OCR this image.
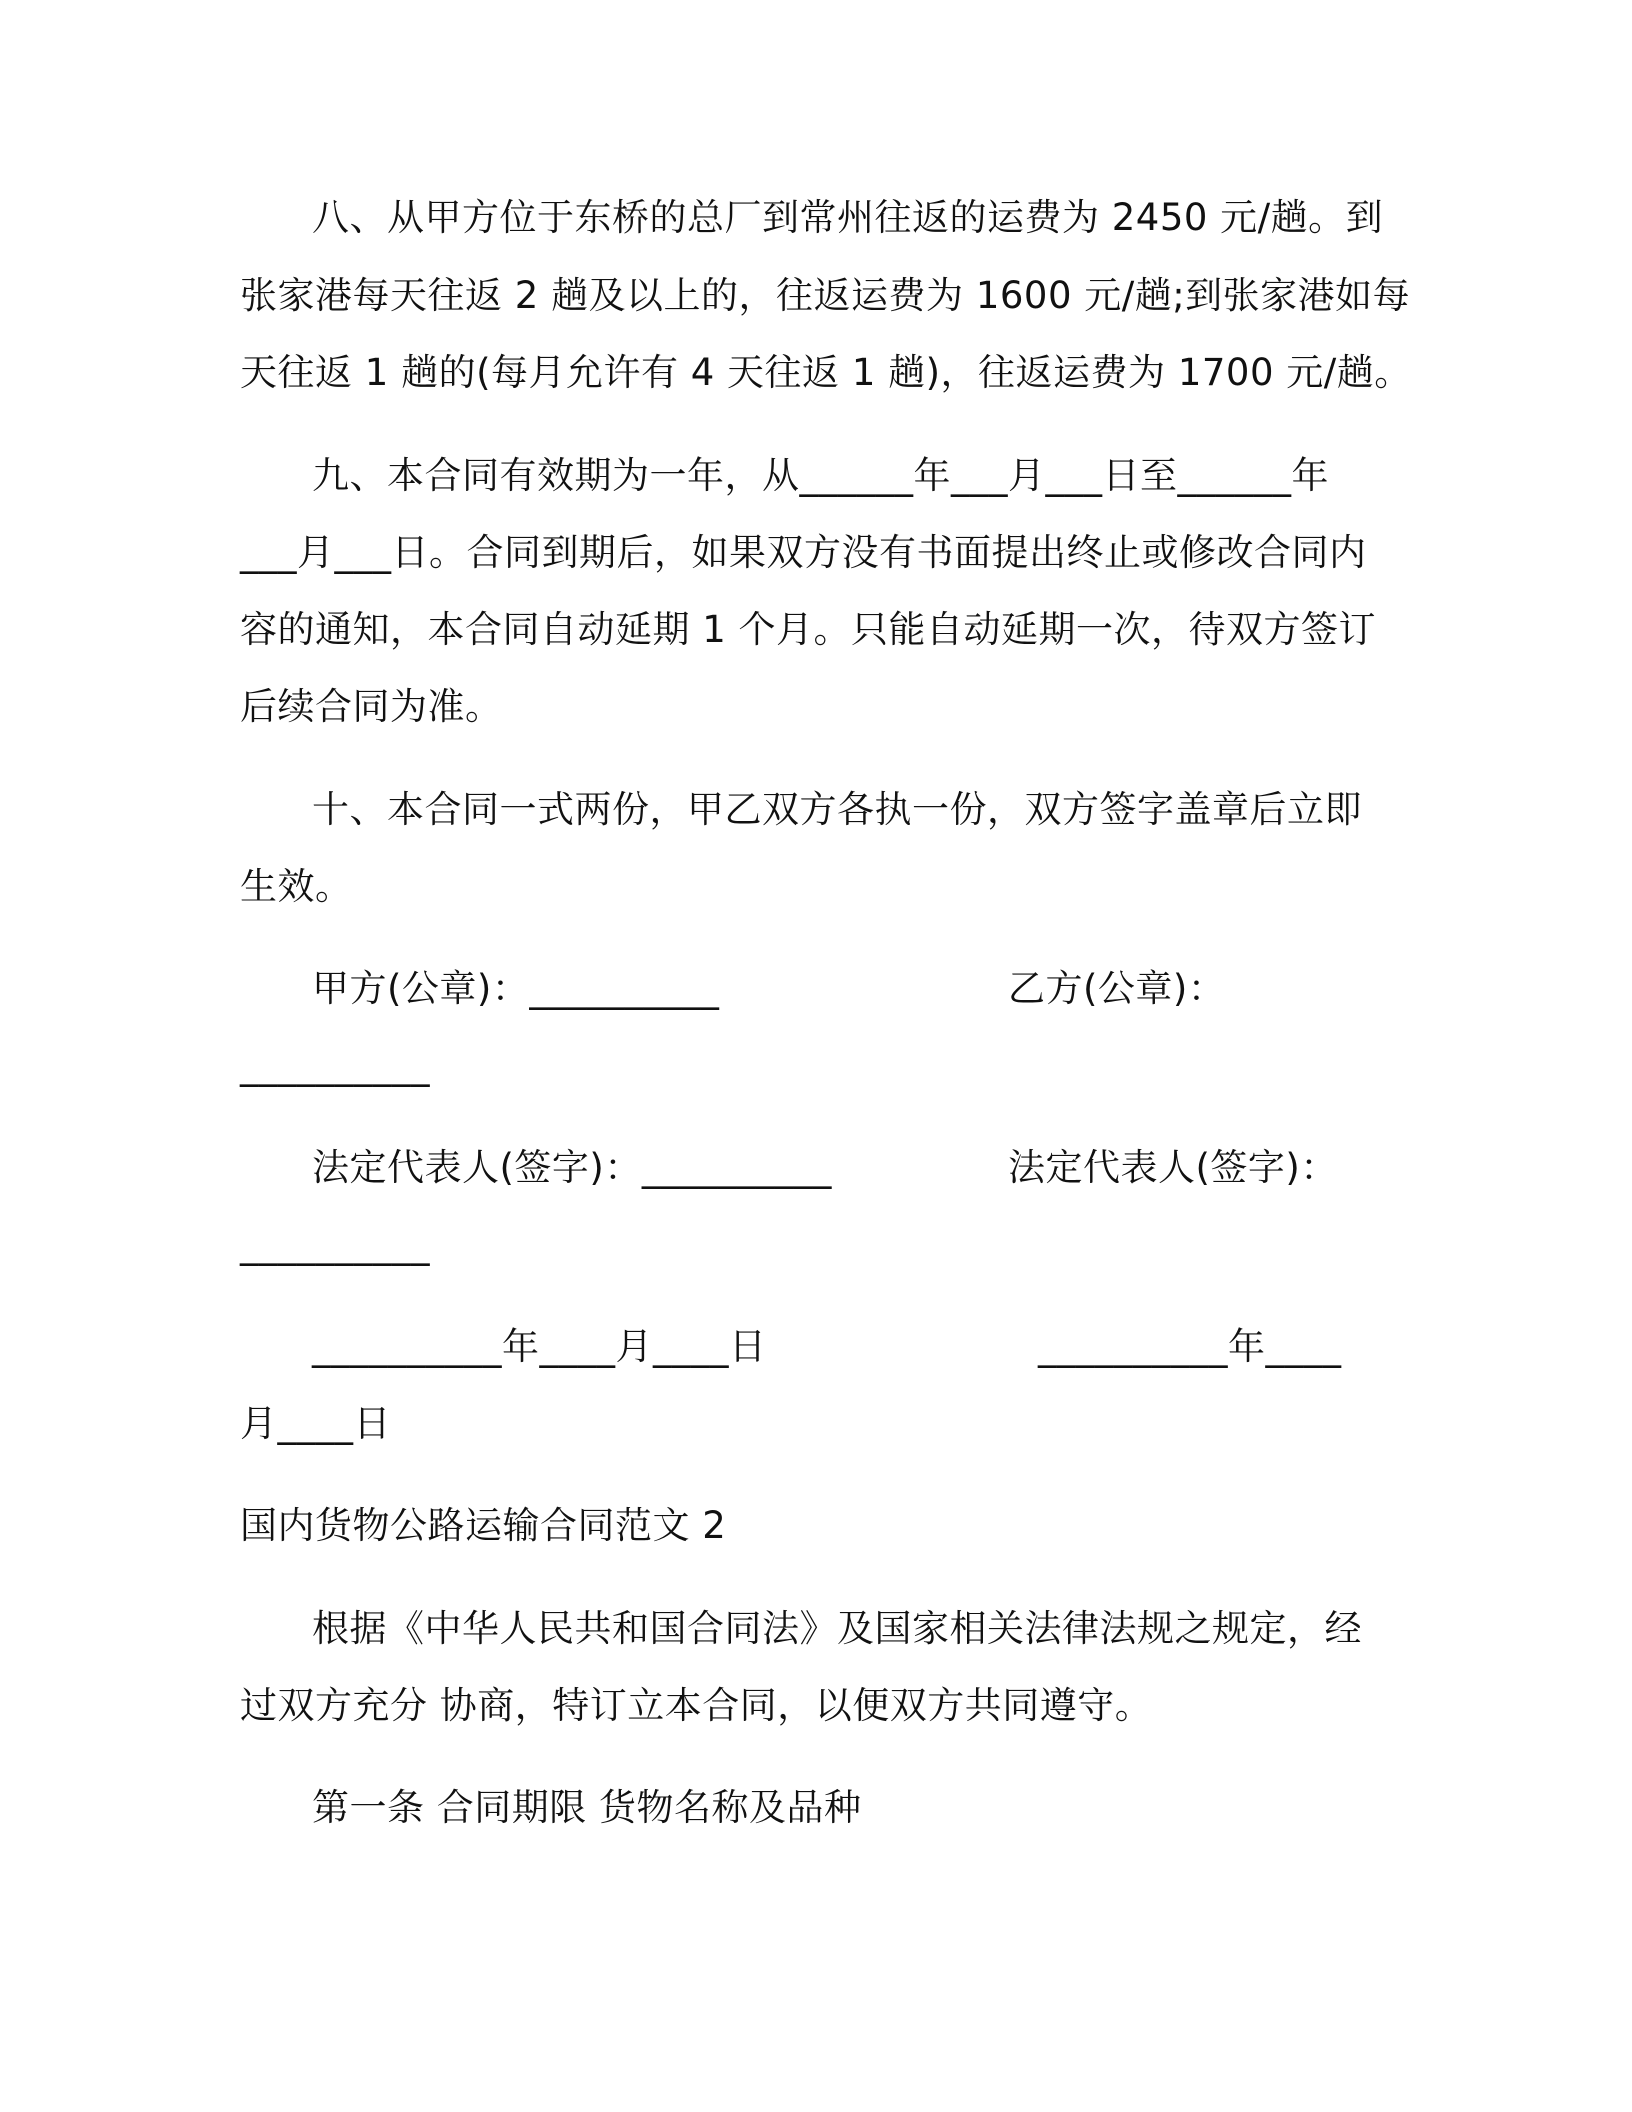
八、从甲方位于东桥的总厂到常州往返的运费为 2450 元/趟。到
张家港每天往返 2 趟及以上的，往返运费为 1600 元/趟;到张家港如每
天往返 1 趟的(每月允许有 4 天往返 1 趟)，往返运费为 1700 元/趟。
九、本合同有效期为一年，从______年___月___日至______年
___月___日。合同到期后，如果双方没有书面提出终止或修改合同内
容的通知，本合同自动延期 1 个月。只能自动延期一次，待双方签订
后续合同为准。
十、本合同一式两份，甲乙双方各执一份，双方签字盖章后立即
生效。
甲方(公章)：__________	乙方(公章)：
__________
法定代表人(签字)：__________	法定代表人(签字)：
__________
__________年____月____日	__________年____
月____日
国内货物公路运输合同范文 2
根据《中华人民共和国合同法》及国家相关法律法规之规定，经
过双方充分 协商，特订立本合同，以便双方共同遵守。
第一条 合同期限 货物名称及品种
